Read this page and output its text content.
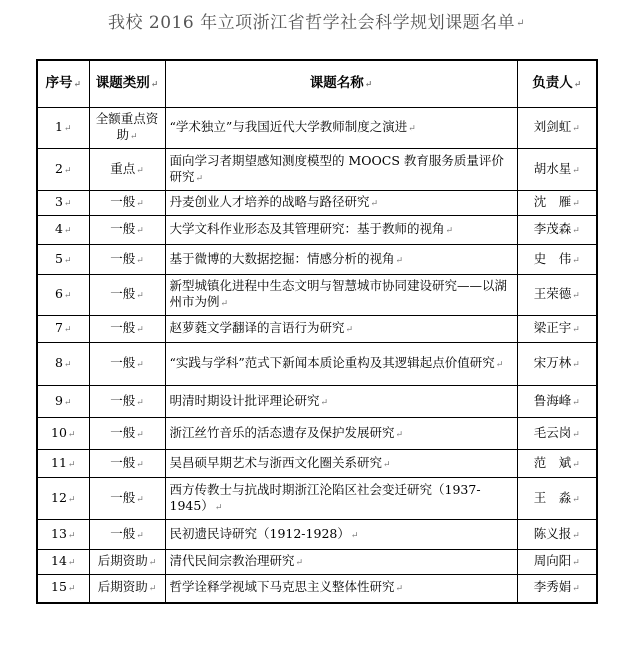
我校 2016 年立项浙江省哲学社会科学规划课题名单↵
序号↵	课题类别↵	课题名称↵	负责人↵
1↵	全额重点资助↵	“学术独立”与我国近代大学教师制度之演进↵	刘剑虹↵
2↵	重点↵	面向学习者期望感知测度模型的 MOOCS 教育服务质量评价研究↵	胡水星↵
3↵	一般↵	丹麦创业人才培养的战略与路径研究↵	沈　雁↵
4↵	一般↵	大学文科作业形态及其管理研究：基于教师的视角↵	李茂森↵
5↵	一般↵	基于微博的大数据挖掘：情感分析的视角↵	史　伟↵
6↵	一般↵	新型城镇化进程中生态文明与智慧城市协同建设研究——以湖州市为例↵	王荣德↵
7↵	一般↵	赵萝蕤文学翻译的言语行为研究↵	梁正宇↵
8↵	一般↵	“实践与学科”范式下新闻本质论重构及其逻辑起点价值研究↵	宋万林↵
9↵	一般↵	明清时期设计批评理论研究↵	鲁海峰↵
10↵	一般↵	浙江丝竹音乐的活态遗存及保护发展研究↵	毛云岗↵
11↵	一般↵	吴昌硕早期艺术与浙西文化圈关系研究↵	范　斌↵
12↵	一般↵	西方传教士与抗战时期浙江沦陷区社会变迁研究（1937-1945）↵	王　淼↵
13↵	一般↵	民初遗民诗研究（1912-1928）↵	陈义报↵
14↵	后期资助↵	清代民间宗教治理研究↵	周向阳↵
15↵	后期资助↵	哲学诠释学视域下马克思主义整体性研究↵	李秀娟↵
